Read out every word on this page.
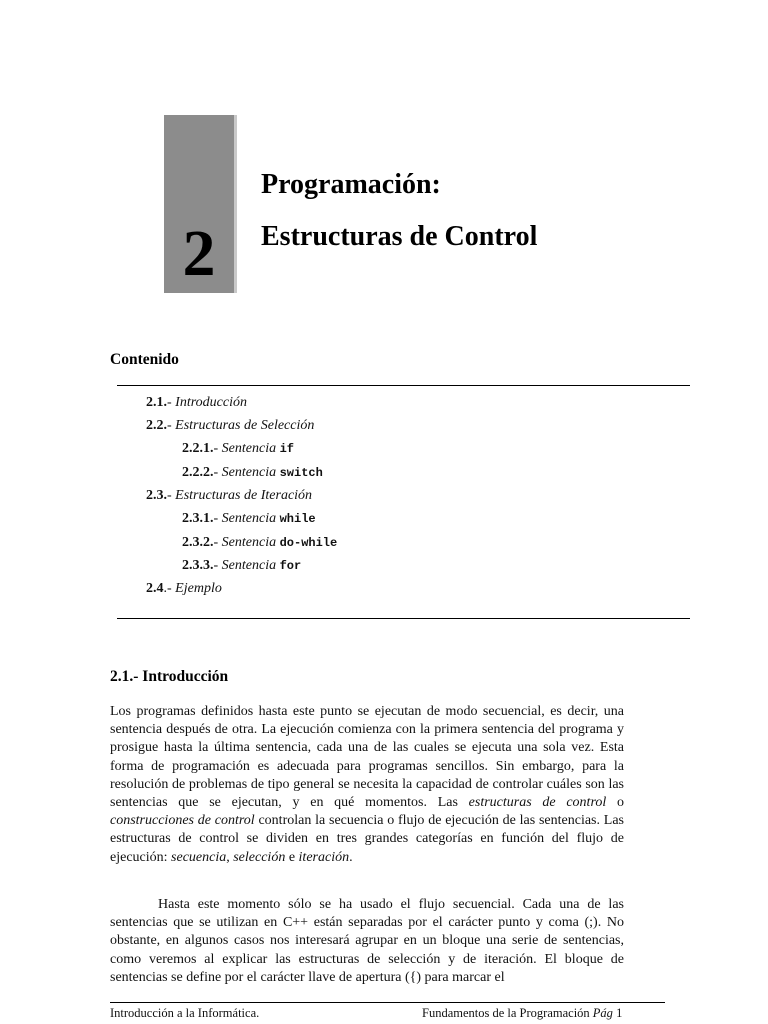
2
Programación:
Estructuras de Control
Contenido
2.1.- Introducción
2.2.- Estructuras de Selección
2.2.1.- Sentencia if
2.2.2.- Sentencia switch
2.3.- Estructuras de Iteración
2.3.1.- Sentencia while
2.3.2.- Sentencia do-while
2.3.3.- Sentencia for
2.4.- Ejemplo
2.1.- Introducción

Los programas definidos hasta este punto se ejecutan de modo secuencial, es decir, una sentencia después de otra. La ejecución comienza con la primera sentencia del programa y prosigue hasta la última sentencia, cada una de las cuales se ejecuta una sola vez. Esta forma de programación es adecuada para programas sencillos. Sin embargo, para la resolución de problemas de tipo general se necesita la capacidad de controlar cuáles son las sentencias que se ejecutan, y en qué momentos. Las estructuras de control o construcciones de control controlan la secuencia o flujo de ejecución de las sentencias. Las estructuras de control se dividen en tres grandes categorías en función del flujo de ejecución: secuencia, selección e iteración.

Hasta este momento sólo se ha usado el flujo secuencial. Cada una de las sentencias que se utilizan en C++ están separadas por el carácter punto y coma (;). No obstante, en algunos casos nos interesará agrupar en un bloque una serie de sentencias, como veremos al explicar las estructuras de selección y de iteración. El bloque de sentencias se define por el carácter llave de apertura ({) para marcar el

Introducción a la Informática.	Fundamentos de la Programación Pág 1
